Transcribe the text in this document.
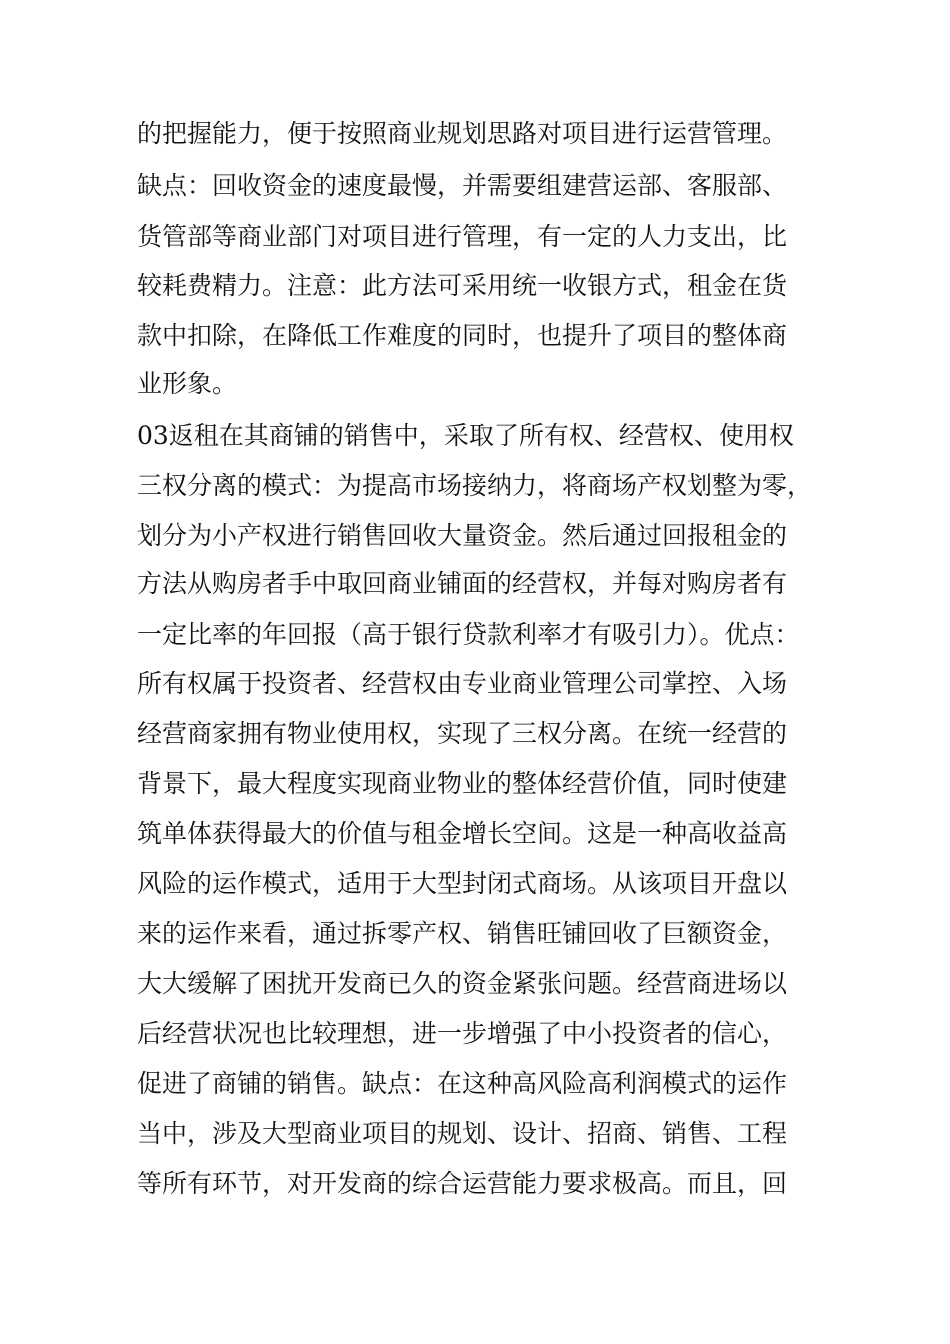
的把握能力，便于按照商业规划思路对项目进行运营管理。
缺点：回收资金的速度最慢，并需要组建营运部、客服部、
货管部等商业部门对项目进行管理，有一定的人力支出，比
较耗费精力。注意：此方法可采用统一收银方式，租金在货
款中扣除，在降低工作难度的同时，也提升了项目的整体商
业形象。
03返租在其商铺的销售中，采取了所有权、经营权、使用权
三权分离的模式：为提高市场接纳力，将商场产权划整为零，
划分为小产权进行销售回收大量资金。然后通过回报租金的
方法从购房者手中取回商业铺面的经营权，并每对购房者有
一定比率的年回报（高于银行贷款利率才有吸引力）。优点：
所有权属于投资者、经营权由专业商业管理公司掌控、入场
经营商家拥有物业使用权，实现了三权分离。在统一经营的
背景下，最大程度实现商业物业的整体经营价值，同时使建
筑单体获得最大的价值与租金增长空间。这是一种高收益高
风险的运作模式，适用于大型封闭式商场。从该项目开盘以
来的运作来看，通过拆零产权、销售旺铺回收了巨额资金，
大大缓解了困扰开发商已久的资金紧张问题。经营商进场以
后经营状况也比较理想，进一步增强了中小投资者的信心，
促进了商铺的销售。缺点：在这种高风险高利润模式的运作
当中，涉及大型商业项目的规划、设计、招商、销售、工程
等所有环节，对开发商的综合运营能力要求极高。而且，回
